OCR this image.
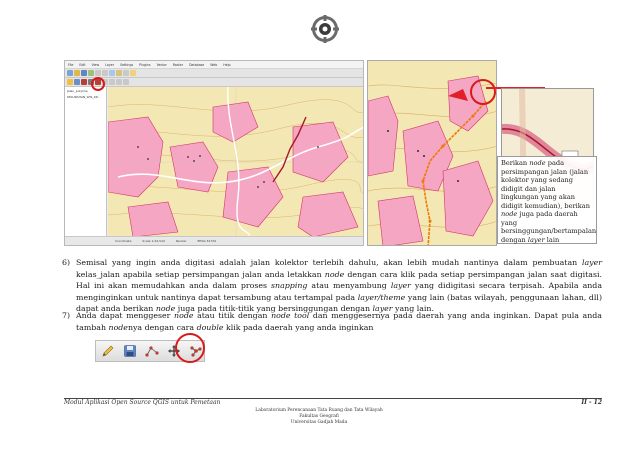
File Edit View Layer Settings Plugins Vector Raster Database Web Help
Jalan_polyline
KELURAHAN_WIS_KP...
Coordinate	Scale 1:24,544	Render	EPSG:32749
Berikan node pada persimpangan jalan (jalan kolektor yang sedang didigit dan jalan lingkungan yang akan didigit kemudian), berikan node juga pada daerah yang bersinggungan/bertampalan dengan layer lain
6) Semisal yang ingin anda digitasi adalah jalan kolektor terlebih dahulu, akan lebih mudah nantinya dalam pembuatan layer kelas_jalan apabila setiap persimpangan jalan anda letakkan node dengan cara klik pada setiap persimpangan jalan saat digitasi. Hal ini akan memudahkan anda dalam proses snapping atau menyambung layer yang didigitasi secara terpisah. Apabila anda menginginkan untuk nantinya dapat tersambung atau tertampal pada layer/theme yang lain (batas wilayah, penggunaan lahan, dll) dapat anda berikan node juga pada titik-titik yang bersinggungan dengan layer yang lain.
7) Anda dapat menggeser node atau titik dengan node tool dan menggesernya pada daerah yang anda inginkan. Dapat pula anda tambah nodenya dengan cara double klik pada daerah yang anda inginkan
Modul Aplikasi Open Source QGIS untuk Pemetaan	II - 12
Laboratorium Perencanaan Tata Ruang dan Tata Wilayah
Fakultas Geografi
Universitas Gadjah Mada
